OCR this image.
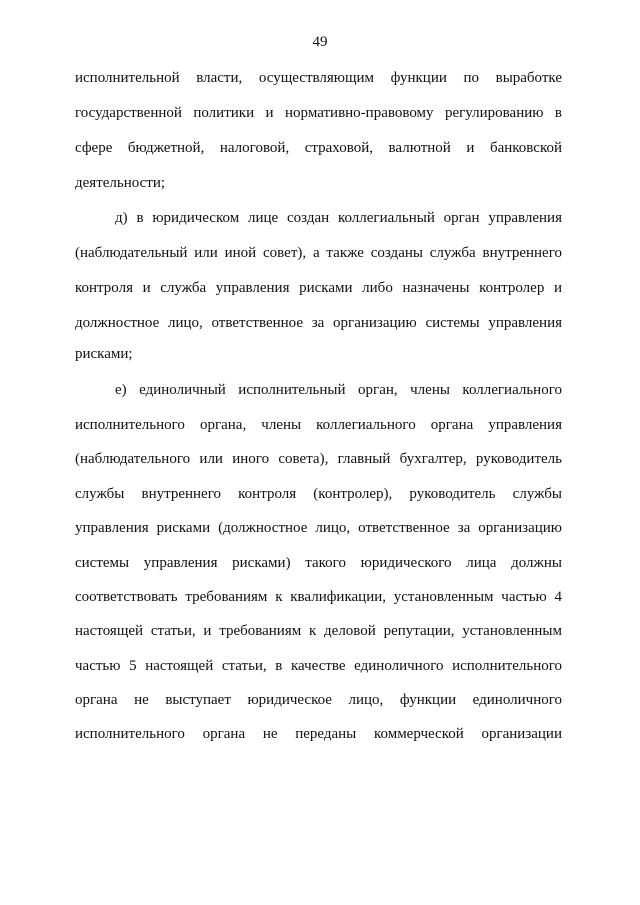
49
исполнительной власти, осуществляющим функции по выработке
государственной политики и нормативно-правовому регулированию в
сфере бюджетной, налоговой, страховой, валютной и банковской
деятельности;
д) в юридическом лице создан коллегиальный орган управления
(наблюдательный или иной совет), а также созданы служба внутреннего
контроля и служба управления рисками либо назначены контролер и
должностное лицо, ответственное за организацию системы управления
рисками;
е) единоличный исполнительный орган, члены коллегиального
исполнительного органа, члены коллегиального органа управления
(наблюдательного или иного совета), главный бухгалтер, руководитель
службы внутреннего контроля (контролер), руководитель службы
управления рисками (должностное лицо, ответственное за организацию
системы управления рисками) такого юридического лица должны
соответствовать требованиям к квалификации, установленным частью 4
настоящей статьи, и требованиям к деловой репутации, установленным
частью 5 настоящей статьи, в качестве единоличного исполнительного
органа не выступает юридическое лицо, функции единоличного
исполнительного органа не переданы коммерческой организации
